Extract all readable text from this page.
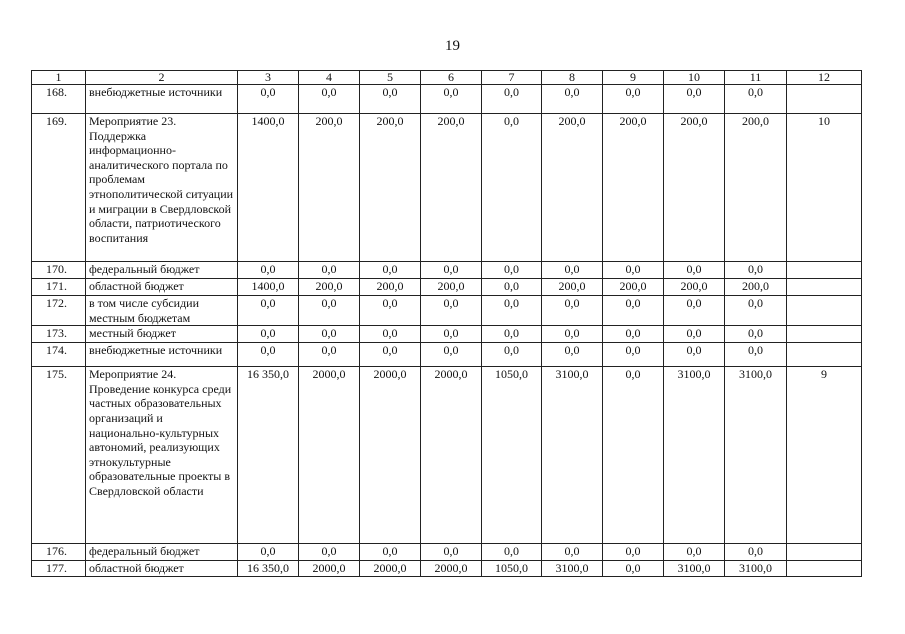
19
1	2	3	4	5	6	7	8	9	10	11	12
168.	внебюджетные источники	0,0	0,0	0,0	0,0	0,0	0,0	0,0	0,0	0,0	
169.	Мероприятие 23. Поддержка информационно-аналитического портала по проблемам этнополитической ситуации и миграции в Свердловской области, патриотического воспитания	1400,0	200,0	200,0	200,0	0,0	200,0	200,0	200,0	200,0	10
170.	федеральный бюджет	0,0	0,0	0,0	0,0	0,0	0,0	0,0	0,0	0,0	
171.	областной бюджет	1400,0	200,0	200,0	200,0	0,0	200,0	200,0	200,0	200,0	
172.	в том числе субсидии местным бюджетам	0,0	0,0	0,0	0,0	0,0	0,0	0,0	0,0	0,0	
173.	местный бюджет	0,0	0,0	0,0	0,0	0,0	0,0	0,0	0,0	0,0	
174.	внебюджетные источники	0,0	0,0	0,0	0,0	0,0	0,0	0,0	0,0	0,0	
175.	Мероприятие 24. Проведение конкурса среди частных образовательных организаций и национально-культурных автономий, реализующих этнокультурные образовательные проекты в Свердловской области	16 350,0	2000,0	2000,0	2000,0	1050,0	3100,0	0,0	3100,0	3100,0	9
176.	федеральный бюджет	0,0	0,0	0,0	0,0	0,0	0,0	0,0	0,0	0,0	
177.	областной бюджет	16 350,0	2000,0	2000,0	2000,0	1050,0	3100,0	0,0	3100,0	3100,0	
